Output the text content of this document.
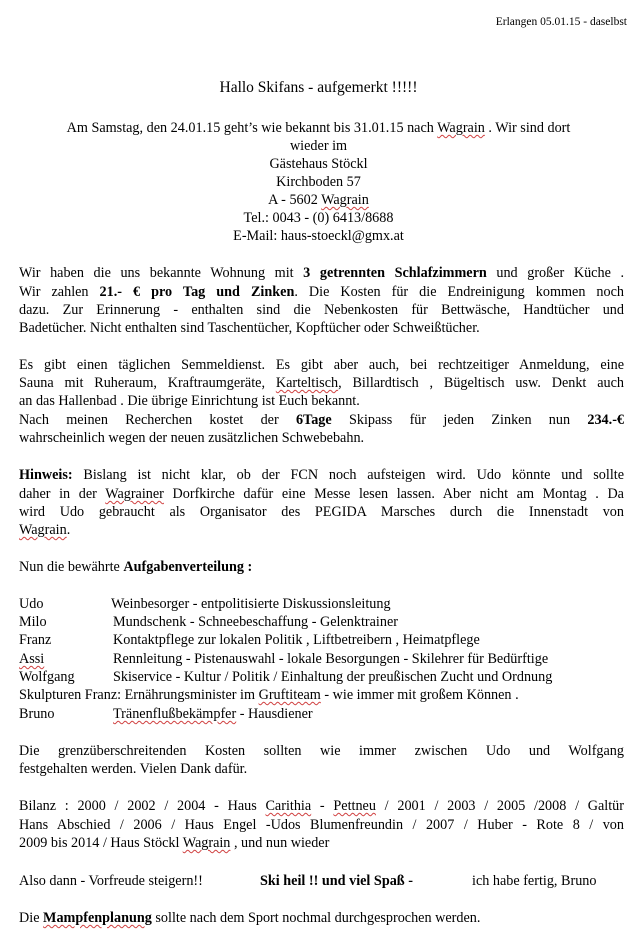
Erlangen 05.01.15 - daselbst
Hallo Skifans - aufgemerkt !!!!!
Am Samstag, den 24.01.15 geht’s wie bekannt bis 31.01.15 nach Wagrain . Wir sind dort
wieder im
Gästehaus Stöckl
Kirchboden 57
A - 5602 Wagrain
Tel.: 0043 - (0) 6413/8688
E-Mail: haus-stoeckl@gmx.at
Wir haben die uns bekannte Wohnung mit 3 getrennten Schlafzimmern und großer Küche .
Wir zahlen 21.- € pro Tag und Zinken. Die Kosten für die Endreinigung kommen noch
dazu. Zur Erinnerung - enthalten sind die Nebenkosten für Bettwäsche, Handtücher und
Badetücher. Nicht enthalten sind Taschentücher, Kopftücher oder Schweißtücher.
Es gibt einen täglichen Semmeldienst. Es gibt aber auch, bei rechtzeitiger Anmeldung, eine
Sauna mit Ruheraum, Kraftraumgeräte, Karteltisch, Billardtisch , Bügeltisch usw. Denkt auch
an das Hallenbad . Die übrige Einrichtung ist Euch bekannt.
Nach meinen Recherchen kostet der 6Tage Skipass für jeden Zinken nun 234.-€
wahrscheinlich wegen der neuen zusätzlichen Schwebebahn.
Hinweis: Bislang ist nicht klar, ob der FCN noch aufsteigen wird. Udo könnte und sollte
daher in der Wagrainer Dorfkirche dafür eine Messe lesen lassen. Aber nicht am Montag . Da
wird Udo gebraucht als Organisator des PEGIDA Marsches durch die Innenstadt von
Wagrain.
Nun die bewährte Aufgabenverteilung :
Udo	Weinbesorger - entpolitisierte Diskussionsleitung
Milo	Mundschenk - Schneebeschaffung - Gelenktrainer
Franz	Kontaktpflege zur lokalen Politik , Liftbetreibern , Heimatpflege
Assi	Rennleitung - Pistenauswahl - lokale Besorgungen - Skilehrer für Bedürftige
Wolfgang	Skiservice - Kultur / Politik / Einhaltung der preußischen Zucht und Ordnung
Skulpturen Franz: Ernährungsminister im Gruftiteam - wie immer mit großem Können .
Bruno	Tränenflußbekämpfer - Hausdiener
Die grenzüberschreitenden Kosten sollten wie immer zwischen Udo und Wolfgang
festgehalten werden. Vielen Dank dafür.
Bilanz : 2000 / 2002 / 2004 - Haus Carithia - Pettneu / 2001 / 2003 / 2005 /2008 / Galtür
Hans Abschied / 2006 / Haus Engel -Udos Blumenfreundin / 2007 / Huber - Rote 8 / von
2009 bis 2014 / Haus Stöckl Wagrain , und nun wieder
Also dann - Vorfreude steigern!!	Ski heil !! und viel Spaß -	ich habe fertig, Bruno
Die Mampfenplanung sollte nach dem Sport nochmal durchgesprochen werden.
